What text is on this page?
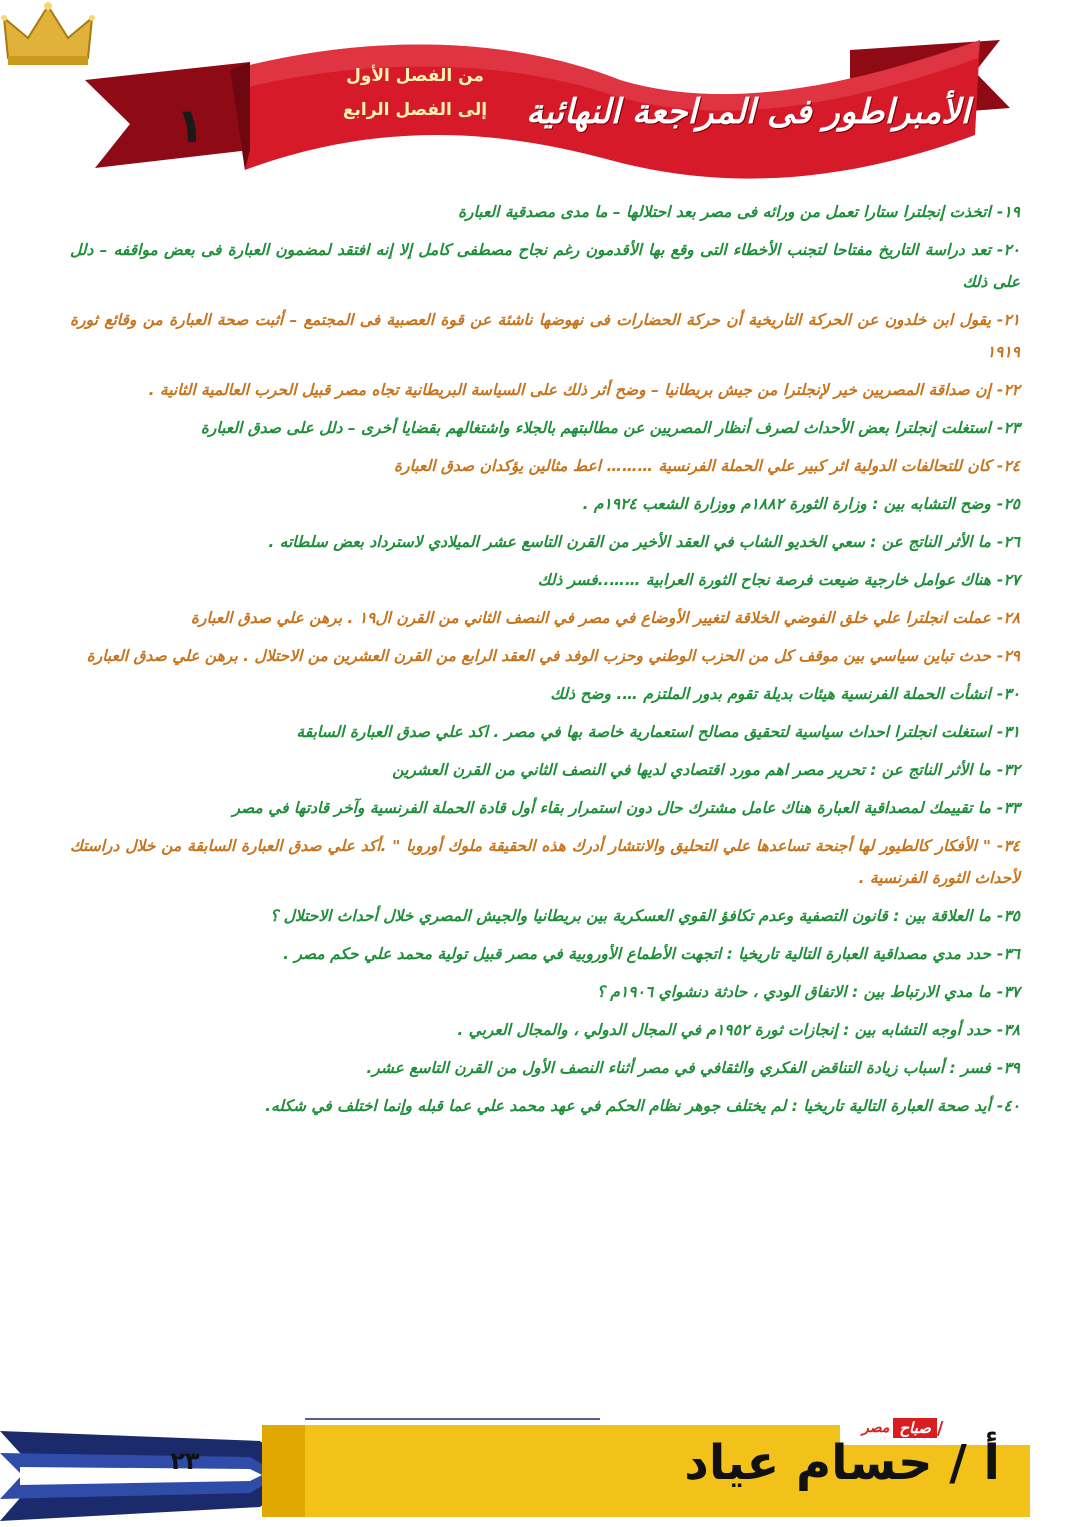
١
من الفصل الأول
إلى الفصل الرابع	الأمبراطور فى المراجعة النهائية
١٩-اتخذت إنجلترا ستارا تعمل من ورائه فى مصر بعد احتلالها – ما مدى مصدقية العبارة
٢٠-تعد دراسة التاريخ مفتاحا لتجنب الأخطاء التى وقع بها الأقدمون رغم نجاح مصطفى كامل إلا إنه افتقد لمضمون العبارة فى بعض مواقفه – دلل على ذلك
٢١-يقول ابن خلدون عن الحركة التاريخية أن حركة الحضارات فى نهوضها ناشئة عن قوة العصبية فى المجتمع – أثبت صحة العبارة من وقائع ثورة ١٩١٩
٢٢-إن صداقة المصريين خير لإنجلترا من جيش بريطانيا – وضح أثر ذلك على السياسة البريطانية تجاه مصر قبيل الحرب العالمية الثانية .
٢٣-استغلت إنجلترا بعض الأحداث لصرف أنظار المصريين عن مطالبتهم بالجلاء واشتغالهم بقضايا أخرى – دلل على صدق العبارة
٢٤-كان للتحالفات الدولية اثر كبير علي الحملة الفرنسية ……… اعط مثالين يؤكدان صدق العبارة
٢٥-وضح التشابه بين : وزارة الثورة ١٨٨٢م ووزارة الشعب ١٩٢٤م .
٢٦-ما الأثر الناتج عن : سعي الخديو الشاب في العقد الأخير من القرن التاسع عشر الميلادي لاسترداد بعض سلطاته .
٢٧-هناك عوامل خارجية ضيعت فرصة نجاح الثورة العرابية ……..فسر ذلك
٢٨-عملت انجلترا علي خلق الفوضي الخلاقة لتغيير الأوضاع في مصر في النصف الثاني من القرن ال١٩ . برهن علي صدق العبارة
٢٩-حدث تباين سياسي بين موقف كل من الحزب الوطني وحزب الوفد في العقد الرابع من القرن العشرين من الاحتلال . برهن علي صدق العبارة
٣٠-انشأت الحملة الفرنسية هيئات بديلة تقوم بدور الملتزم …. وضح ذلك
٣١-استغلت انجلترا احداث سياسية لتحقيق مصالح استعمارية خاصة بها في مصر . اكد علي صدق العبارة السابقة
٣٢-ما الأثر الناتج عن : تحرير مصر اهم مورد اقتصادي لديها في النصف الثاني من القرن العشرين
٣٣-ما تقييمك لمصداقية العبارة هناك عامل مشترك حال دون استمرار بقاء أول قادة الحملة الفرنسية وآخر قادتها في مصر
٣٤-" الأفكار كالطيور لها أجنحة تساعدها علي التحليق والانتشار أدرك هذه الحقيقة ملوك أوروبا " .أكد علي صدق العبارة السابقة من خلال دراستك لأحداث الثورة الفرنسية .
٣٥-ما العلاقة بين : قانون التصفية وعدم تكافؤ القوي العسكرية بين بريطانيا والجيش المصري خلال أحداث الاحتلال ؟
٣٦-حدد مدي مصداقية العبارة التالية تاريخيا : اتجهت الأطماع الأوروبية في مصر قبيل تولية محمد علي حكم مصر .
٣٧-ما مدي الارتباط بين : الاتفاق الودي ، حادثة دنشواي ١٩٠٦م ؟
٣٨-حدد أوجه التشابه بين : إنجازات ثورة ١٩٥٢م في المجال الدولي ، والمجال العربي .
٣٩-فسر : أسباب زيادة التناقض الفكري والثقافي في مصر أثناء النصف الأول من القرن التاسع عشر.
٤٠-أيد صحة العبارة التالية تاريخيا : لم يختلف جوهر نظام الحكم في عهد محمد علي عما قبله وإنما اختلف في شكله.
٢٣
/
صباح
مصر
أ / حسام عياد
